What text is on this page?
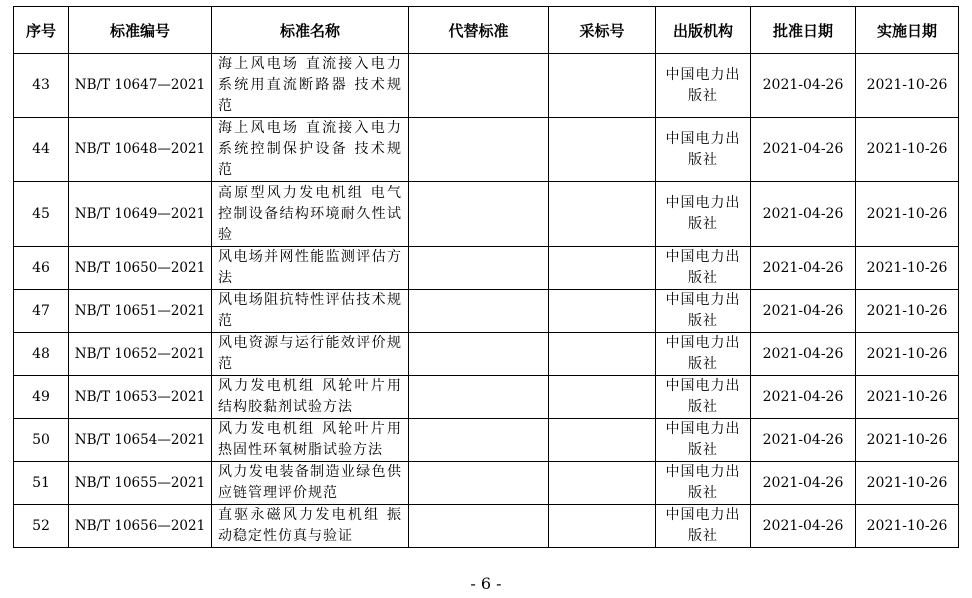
序号	标准编号	标准名称	代替标准	采标号	出版机构	批准日期	实施日期
43	NB/T 10647—2021	海上风电场 直流接入电力系统用直流断路器 技术规范			中国电力出版社	2021-04-26	2021-10-26
44	NB/T 10648—2021	海上风电场 直流接入电力系统控制保护设备 技术规范			中国电力出版社	2021-04-26	2021-10-26
45	NB/T 10649—2021	高原型风力发电机组 电气控制设备结构环境耐久性试验			中国电力出版社	2021-04-26	2021-10-26
46	NB/T 10650—2021	风电场并网性能监测评估方法			中国电力出版社	2021-04-26	2021-10-26
47	NB/T 10651—2021	风电场阻抗特性评估技术规范			中国电力出版社	2021-04-26	2021-10-26
48	NB/T 10652—2021	风电资源与运行能效评价规范			中国电力出版社	2021-04-26	2021-10-26
49	NB/T 10653—2021	风力发电机组 风轮叶片用结构胶黏剂试验方法			中国电力出版社	2021-04-26	2021-10-26
50	NB/T 10654—2021	风力发电机组 风轮叶片用热固性环氧树脂试验方法			中国电力出版社	2021-04-26	2021-10-26
51	NB/T 10655—2021	风力发电装备制造业绿色供应链管理评价规范			中国电力出版社	2021-04-26	2021-10-26
52	NB/T 10656—2021	直驱永磁风力发电机组 振动稳定性仿真与验证			中国电力出版社	2021-04-26	2021-10-26
- 6 -
